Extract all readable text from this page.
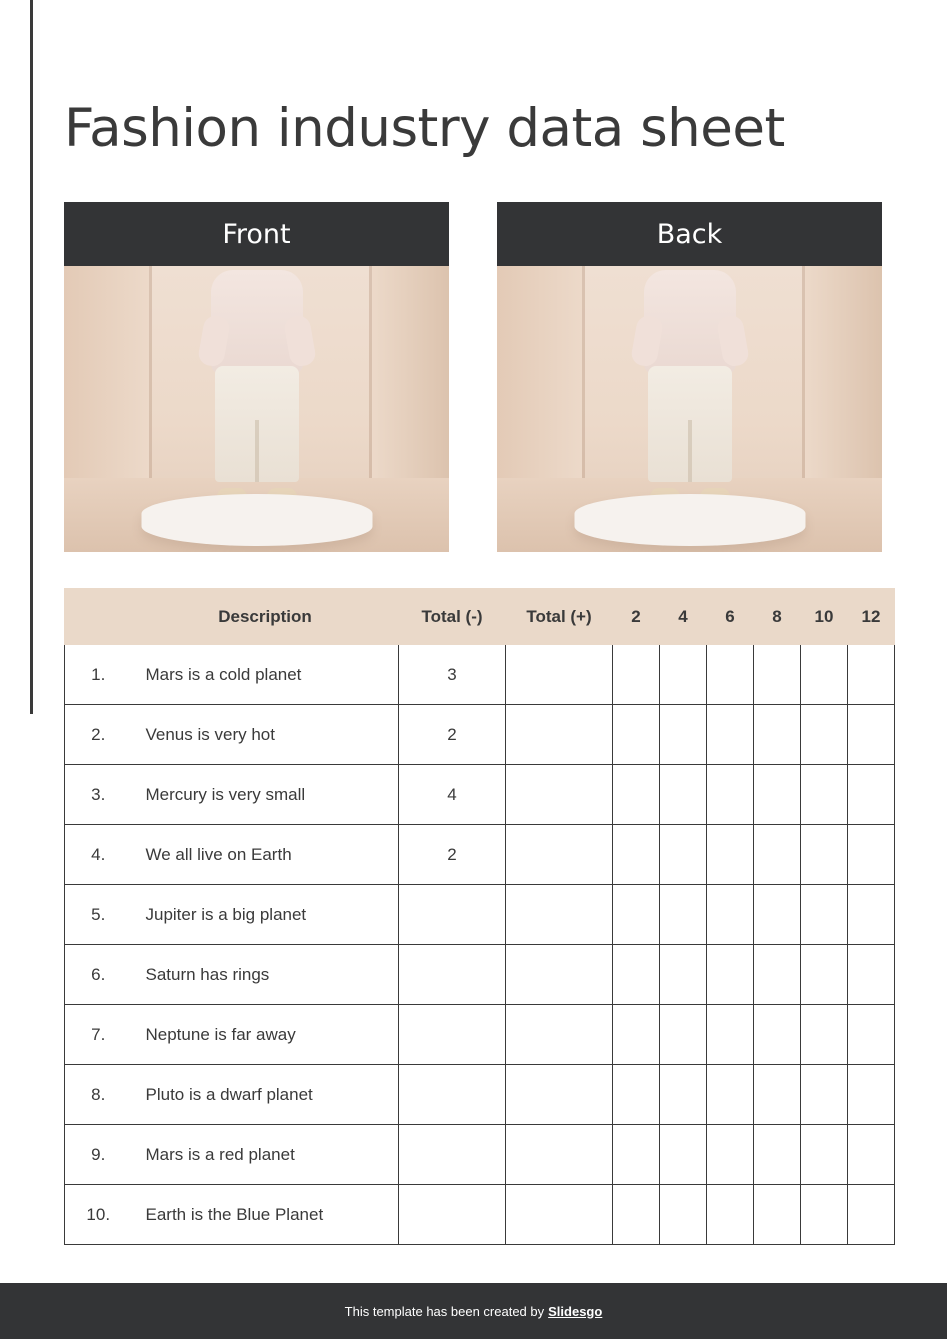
Fashion industry data sheet
Front	Back
	Description	Total (-)	Total (+)	2	4	6	8	10	12
1.	Mars is a cold planet	3							
2.	Venus is very hot	2							
3.	Mercury is very small	4							
4.	We all live on Earth	2							
5.	Jupiter is a big planet								
6.	Saturn has rings								
7.	Neptune is far away								
8.	Pluto is a dwarf planet								
9.	Mars is a red planet								
10.	Earth is the Blue Planet								
This template has been created by Slidesgo
